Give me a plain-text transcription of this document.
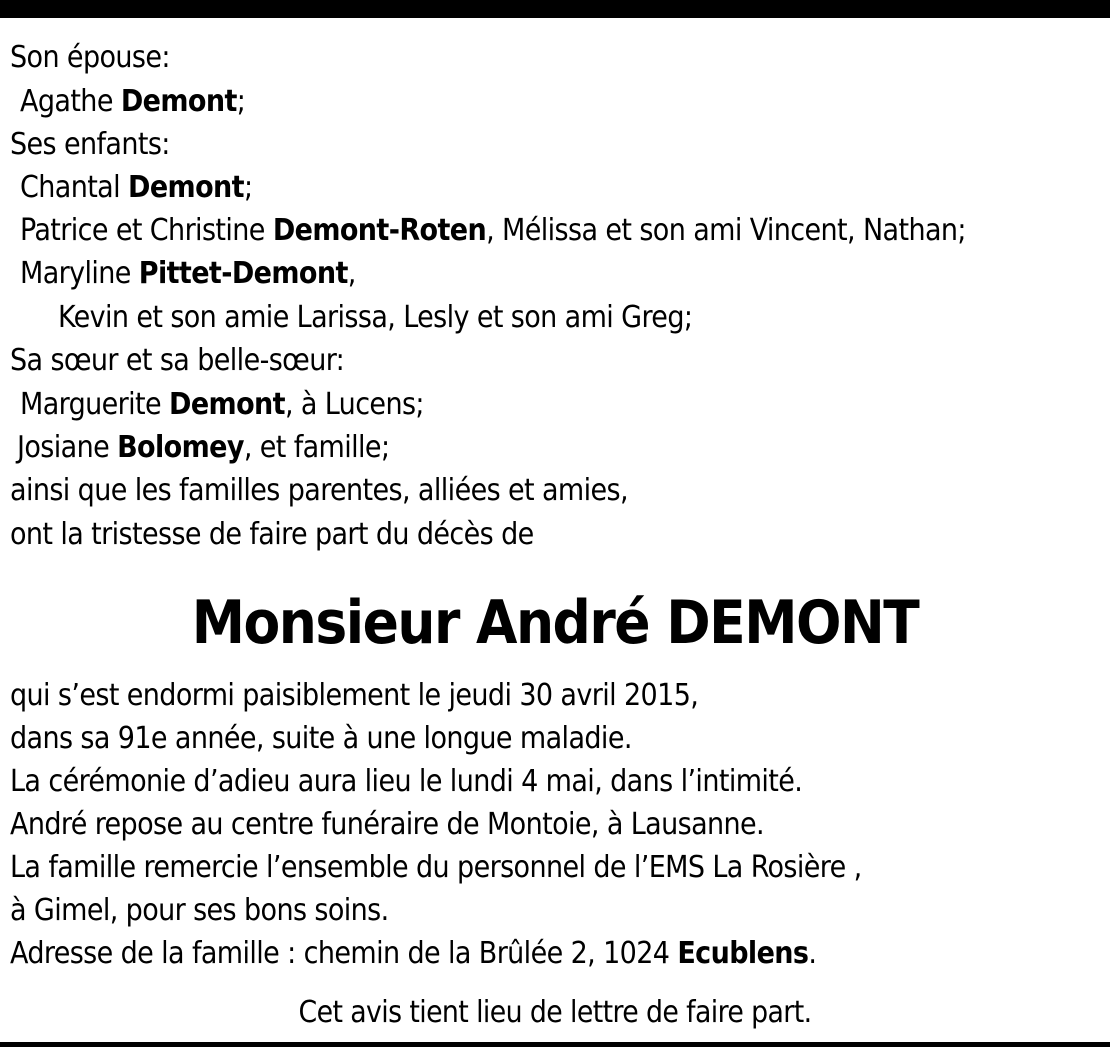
Son épouse:
Agathe Demont;
Ses enfants:
Chantal Demont;
Patrice et Christine Demont-Roten, Mélissa et son ami Vincent, Nathan;
Maryline Pittet-Demont,
Kevin et son amie Larissa, Lesly et son ami Greg;
Sa sœur et sa belle-sœur:
Marguerite Demont, à Lucens;
Josiane Bolomey, et famille;
ainsi que les familles parentes, alliées et amies,
ont la tristesse de faire part du décès de
Monsieur André DEMONT
qui s’est endormi paisiblement le jeudi 30 avril 2015,
dans sa 91e année, suite à une longue maladie.
La cérémonie d’adieu aura lieu le lundi 4 mai, dans l’intimité.
André repose au centre funéraire de Montoie, à Lausanne.
La famille remercie l’ensemble du personnel de l’EMS La Rosière ,
à Gimel, pour ses bons soins.
Adresse de la famille : chemin de la Brûlée 2, 1024 Ecublens.
Cet avis tient lieu de lettre de faire part.
